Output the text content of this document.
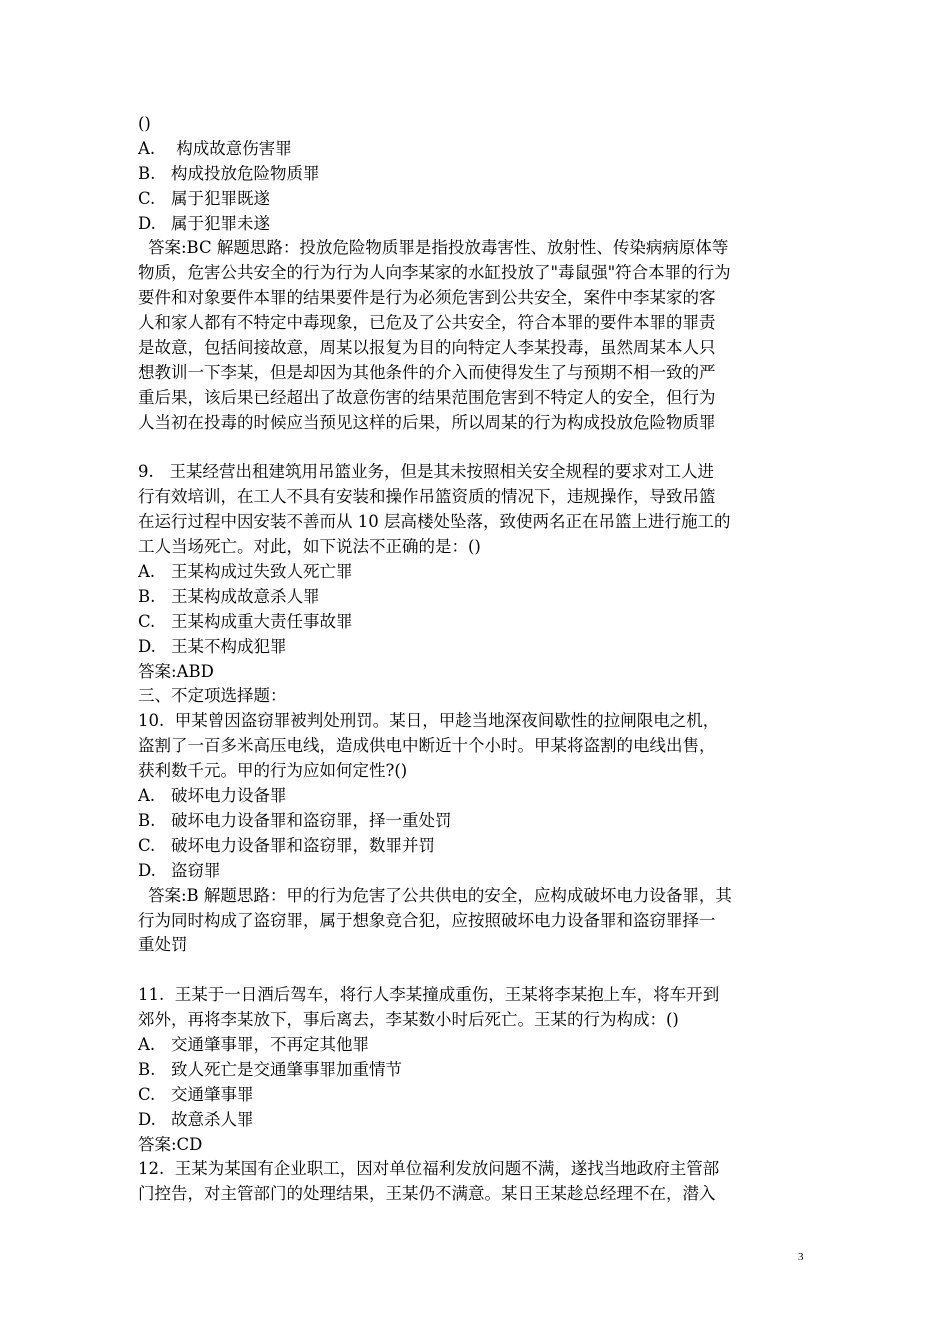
()
A. 构成故意伤害罪
B. 构成投放危险物质罪
C. 属于犯罪既遂
D. 属于犯罪未遂
答案:BC 解题思路：投放危险物质罪是指投放毒害性、放射性、传染病病原体等
物质，危害公共安全的行为行为人向李某家的水缸投放了"毒鼠强"符合本罪的行为
要件和对象要件本罪的结果要件是行为必须危害到公共安全，案件中李某家的客
人和家人都有不特定中毒现象，已危及了公共安全，符合本罪的要件本罪的罪责
是故意，包括间接故意，周某以报复为目的向特定人李某投毒，虽然周某本人只
想教训一下李某，但是却因为其他条件的介入而使得发生了与预期不相一致的严
重后果，该后果已经超出了故意伤害的结果范围危害到不特定人的安全，但行为
人当初在投毒的时候应当预见这样的后果，所以周某的行为构成投放危险物质罪
9.   王某经营出租建筑用吊篮业务，但是其未按照相关安全规程的要求对工人进
行有效培训，在工人不具有安装和操作吊篮资质的情况下，违规操作，导致吊篮
在运行过程中因安装不善而从 10 层高楼处坠落，致使两名正在吊篮上进行施工的
工人当场死亡。对此，如下说法不正确的是：()
A. 王某构成过失致人死亡罪
B. 王某构成故意杀人罪
C. 王某构成重大责任事故罪
D. 王某不构成犯罪
答案:ABD
三、不定项选择题：
10.  甲某曾因盗窃罪被判处刑罚。某日，甲趁当地深夜间歇性的拉闸限电之机，
盗割了一百多米高压电线，造成供电中断近十个小时。甲某将盗割的电线出售，
获利数千元。甲的行为应如何定性?()
A. 破坏电力设备罪
B. 破坏电力设备罪和盗窃罪，择一重处罚
C. 破坏电力设备罪和盗窃罪，数罪并罚
D. 盗窃罪
答案:B 解题思路：甲的行为危害了公共供电的安全，应构成破坏电力设备罪，其
行为同时构成了盗窃罪，属于想象竞合犯，应按照破坏电力设备罪和盗窃罪择一
重处罚
11.  王某于一日酒后驾车，将行人李某撞成重伤，王某将李某抱上车，将车开到
郊外，再将李某放下，事后离去，李某数小时后死亡。王某的行为构成：()
A. 交通肇事罪，不再定其他罪
B. 致人死亡是交通肇事罪加重情节
C. 交通肇事罪
D. 故意杀人罪
答案:CD
12.  王某为某国有企业职工，因对单位福利发放问题不满，遂找当地政府主管部
门控告，对主管部门的处理结果，王某仍不满意。某日王某趁总经理不在，潜入
3
